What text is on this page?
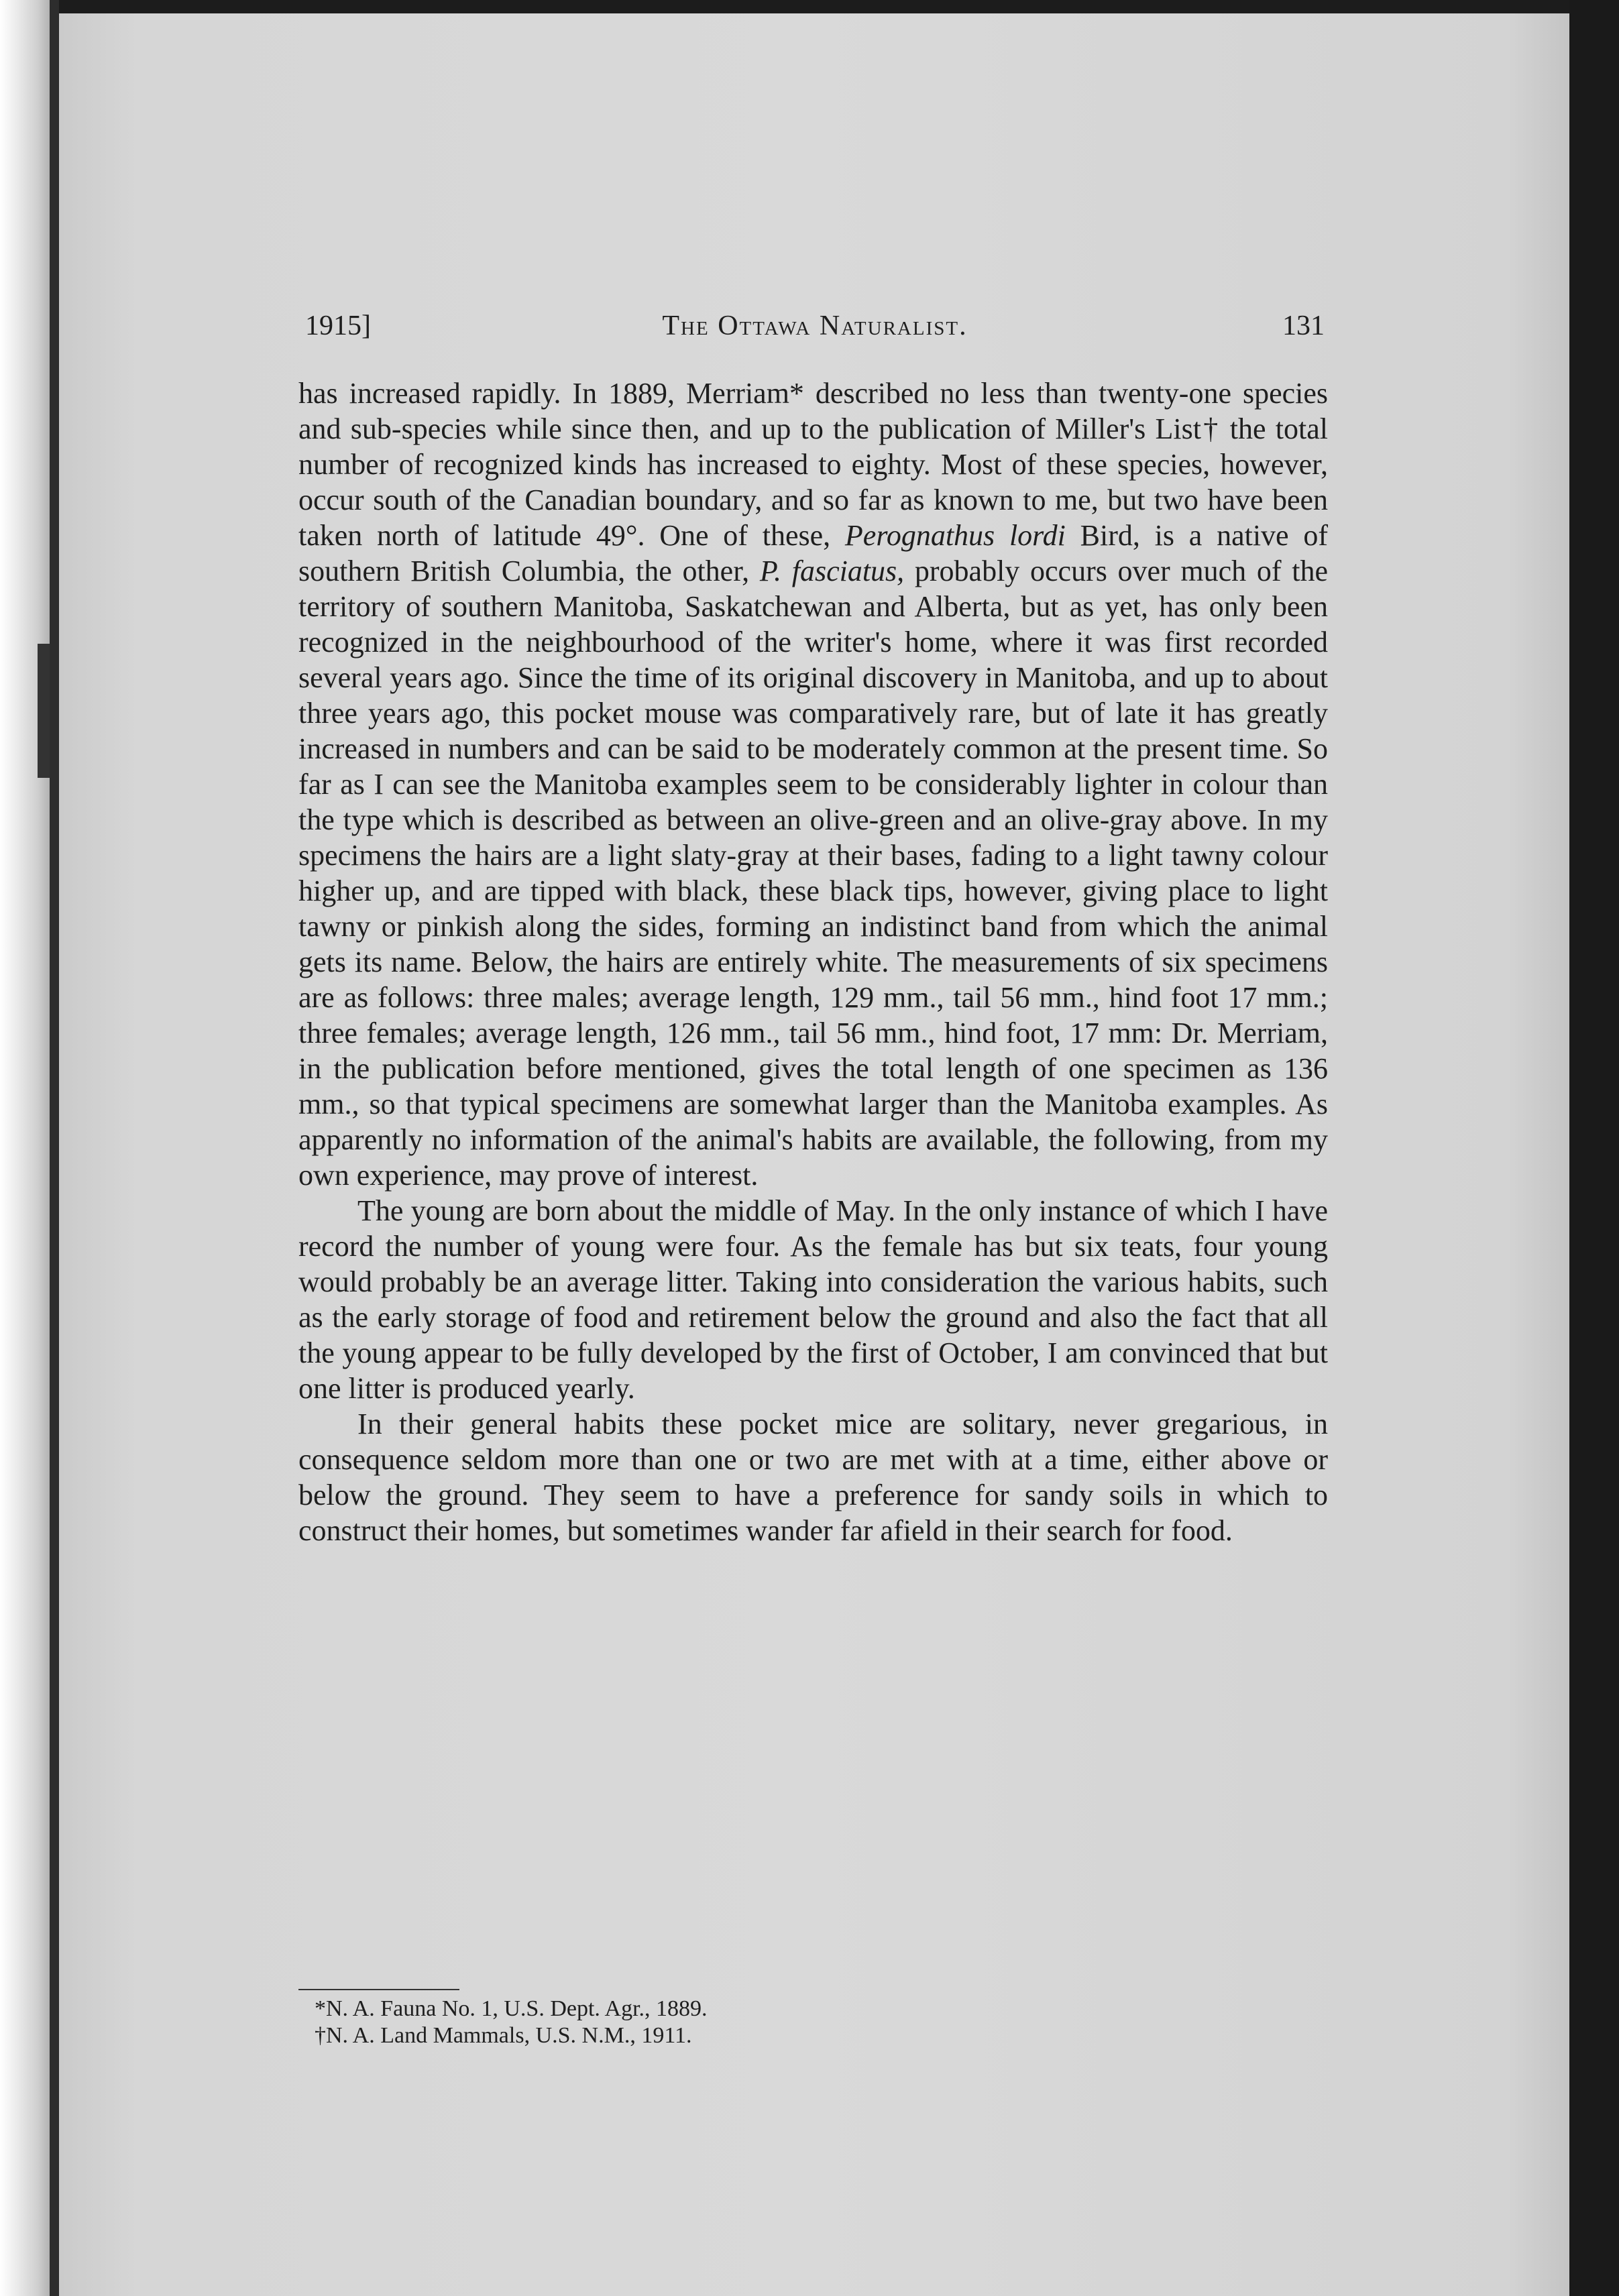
1915]	The Ottawa Naturalist.	131

has increased rapidly. In 1889, Merriam* described no less than twenty-one species and sub-species while since then, and up to the publication of Miller's List† the total number of recognized kinds has increased to eighty. Most of these species, however, occur south of the Canadian boundary, and so far as known to me, but two have been taken north of latitude 49°. One of these, Perognathus lordi Bird, is a native of southern British Columbia, the other, P. fasciatus, probably occurs over much of the territory of southern Manitoba, Saskatchewan and Alberta, but as yet, has only been recognized in the neighbourhood of the writer's home, where it was first recorded several years ago. Since the time of its original discovery in Manitoba, and up to about three years ago, this pocket mouse was comparatively rare, but of late it has greatly increased in numbers and can be said to be moderately common at the present time. So far as I can see the Manitoba examples seem to be considerably lighter in colour than the type which is described as between an olive-green and an olive-gray above. In my specimens the hairs are a light slaty-gray at their bases, fading to a light tawny colour higher up, and are tipped with black, these black tips, however, giving place to light tawny or pinkish along the sides, forming an indistinct band from which the animal gets its name. Below, the hairs are entirely white. The measurements of six specimens are as follows: three males; average length, 129 mm., tail 56 mm., hind foot 17 mm.; three females; average length, 126 mm., tail 56 mm., hind foot, 17 mm: Dr. Merriam, in the publication before mentioned, gives the total length of one specimen as 136 mm., so that typical specimens are somewhat larger than the Manitoba examples. As apparently no information of the animal's habits are available, the following, from my own experience, may prove of interest.

The young are born about the middle of May. In the only instance of which I have record the number of young were four. As the female has but six teats, four young would probably be an average litter. Taking into consideration the various habits, such as the early storage of food and retirement below the ground and also the fact that all the young appear to be fully developed by the first of October, I am convinced that but one litter is produced yearly.

In their general habits these pocket mice are solitary, never gregarious, in consequence seldom more than one or two are met with at a time, either above or below the ground. They seem to have a preference for sandy soils in which to construct their homes, but sometimes wander far afield in their search for food.

*N. A. Fauna No. 1, U.S. Dept. Agr., 1889.
†N. A. Land Mammals, U.S. N.M., 1911.
